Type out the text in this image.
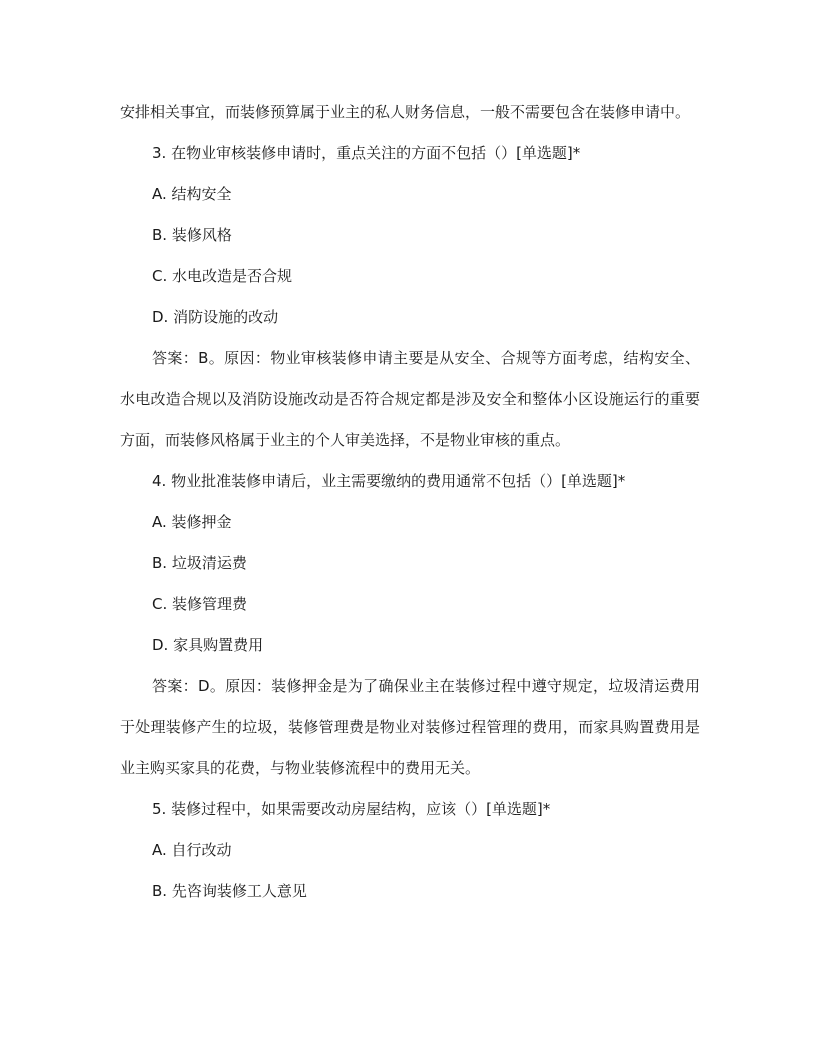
安排相关事宜，而装修预算属于业主的私人财务信息，一般不需要包含在装修申请中。

3. 在物业审核装修申请时，重点关注的方面不包括（）[单选题]*

A. 结构安全

B. 装修风格

C. 水电改造是否合规

D. 消防设施的改动

答案：B。原因：物业审核装修申请主要是从安全、合规等方面考虑，结构安全、水电改造合规以及消防设施改动是否符合规定都是涉及安全和整体小区设施运行的重要方面，而装修风格属于业主的个人审美选择，不是物业审核的重点。

4. 物业批准装修申请后，业主需要缴纳的费用通常不包括（）[单选题]*

A. 装修押金

B. 垃圾清运费

C. 装修管理费

D. 家具购置费用

答案：D。原因：装修押金是为了确保业主在装修过程中遵守规定，垃圾清运费用于处理装修产生的垃圾，装修管理费是物业对装修过程管理的费用，而家具购置费用是业主购买家具的花费，与物业装修流程中的费用无关。

5. 装修过程中，如果需要改动房屋结构，应该（）[单选题]*

A. 自行改动

B. 先咨询装修工人意见
